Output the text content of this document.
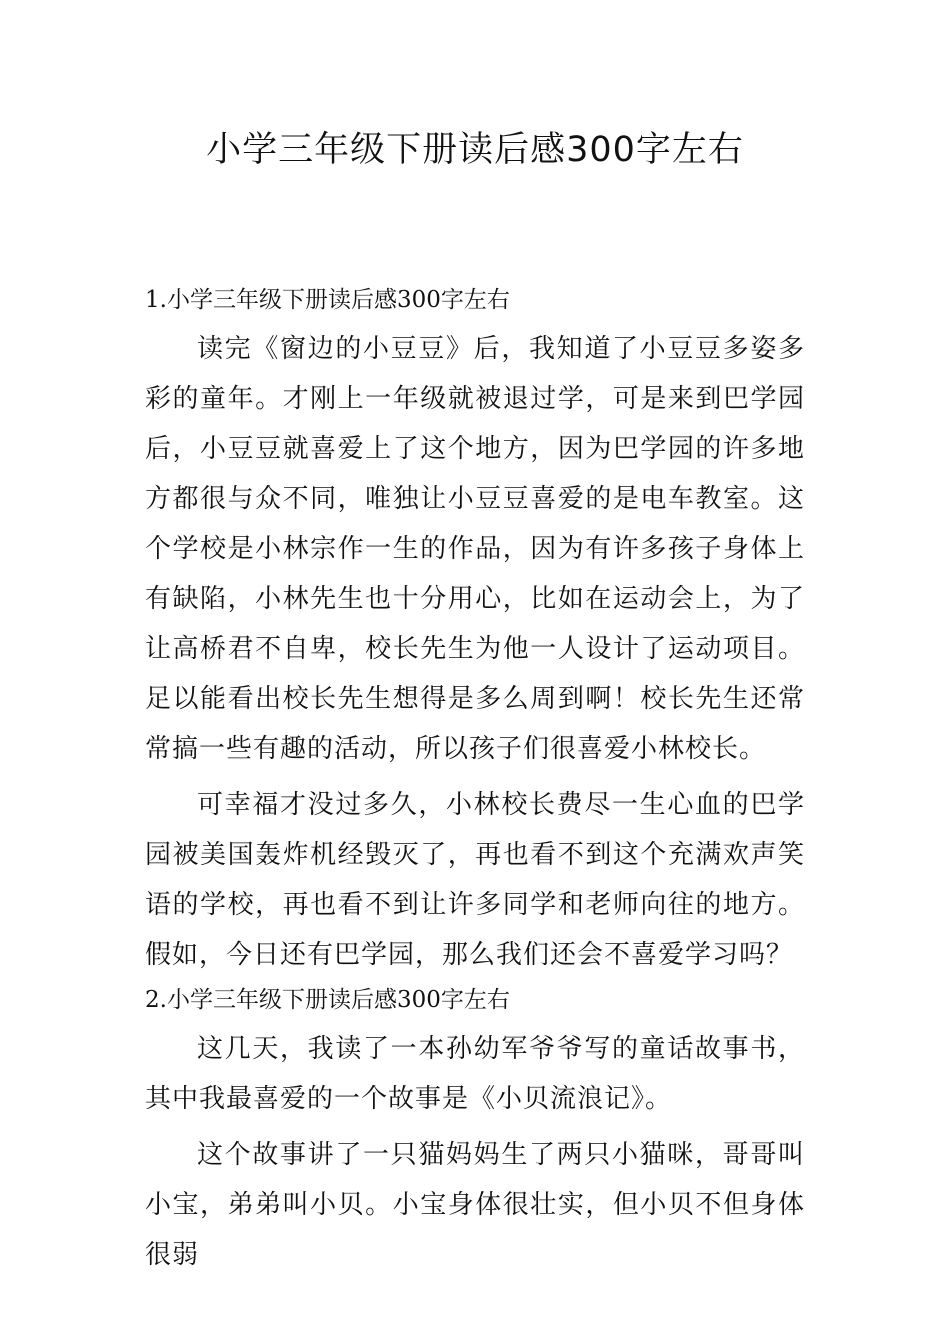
小学三年级下册读后感300字左右
1.小学三年级下册读后感300字左右

读完《窗边的小豆豆》后，我知道了小豆豆多姿多彩的童年。才刚上一年级就被退过学，可是来到巴学园后，小豆豆就喜爱上了这个地方，因为巴学园的许多地方都很与众不同，唯独让小豆豆喜爱的是电车教室。这个学校是小林宗作一生的作品，因为有许多孩子身体上有缺陷，小林先生也十分用心，比如在运动会上，为了让高桥君不自卑，校长先生为他一人设计了运动项目。足以能看出校长先生想得是多么周到啊！校长先生还常常搞一些有趣的活动，所以孩子们很喜爱小林校长。

可幸福才没过多久，小林校长费尽一生心血的巴学园被美国轰炸机经毁灭了，再也看不到这个充满欢声笑语的学校，再也看不到让许多同学和老师向往的地方。假如，今日还有巴学园，那么我们还会不喜爱学习吗？

2.小学三年级下册读后感300字左右

这几天，我读了一本孙幼军爷爷写的童话故事书，其中我最喜爱的一个故事是《小贝流浪记》。

这个故事讲了一只猫妈妈生了两只小猫咪，哥哥叫小宝，弟弟叫小贝。小宝身体很壮实，但小贝不但身体很弱
